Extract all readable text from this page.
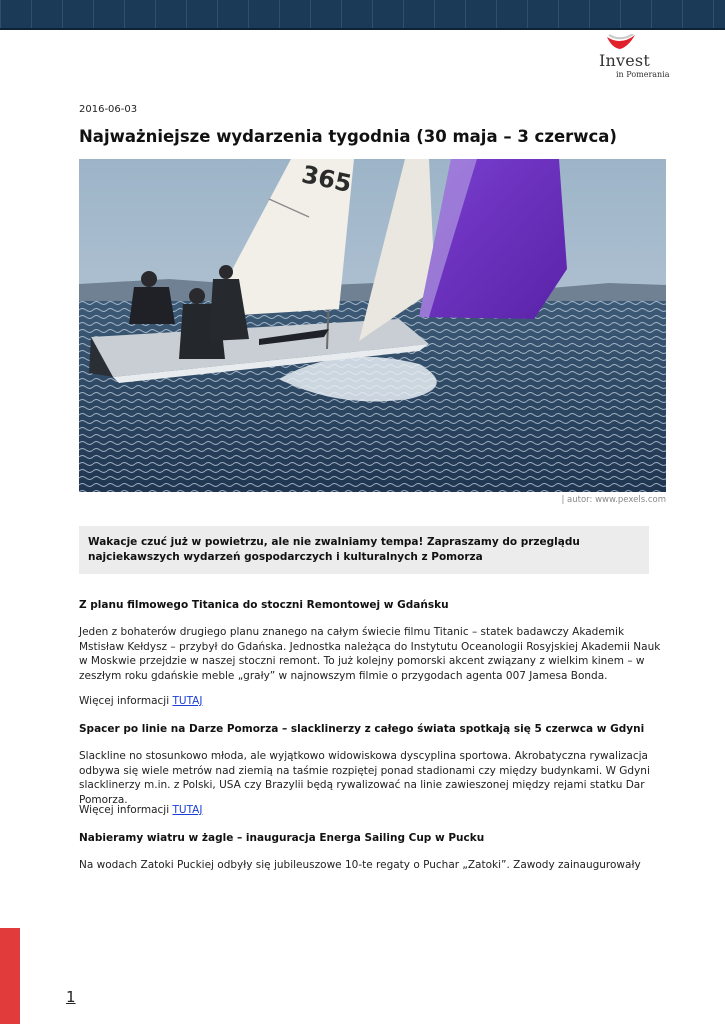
Invest
in Pomerania
2016-06-03
Najważniejsze wydarzenia tygodnia (30 maja – 3 czerwca)
365
| autor: www.pexels.com
Wakacje czuć już w powietrzu, ale nie zwalniamy tempa! Zapraszamy do przeglądu najciekawszych wydarzeń gospodarczych i kulturalnych z Pomorza
Z planu filmowego Titanica do stoczni Remontowej w Gdańsku

Jeden z bohaterów drugiego planu znanego na całym świecie filmu Titanic – statek badawczy Akademik Mstisław Kełdysz – przybył do Gdańska. Jednostka należąca do Instytutu Oceanologii Rosyjskiej Akademii Nauk w Moskwie przejdzie w naszej stoczni remont. To już kolejny pomorski akcent związany z wielkim kinem – w zeszłym roku gdańskie meble „grały” w najnowszym filmie o przygodach agenta 007 Jamesa Bonda.

Więcej informacji TUTAJ
Spacer po linie na Darze Pomorza – slacklinerzy z całego świata spotkają się 5 czerwca w Gdyni

Slackline no stosunkowo młoda, ale wyjątkowo widowiskowa dyscyplina sportowa. Akrobatyczna rywalizacja odbywa się wiele metrów nad ziemią na taśmie rozpiętej ponad stadionami czy między budynkami. W Gdyni slacklinerzy m.in. z Polski, USA czy Brazylii będą rywalizować na linie zawieszonej między rejami statku Dar Pomorza.

Więcej informacji TUTAJ
Nabieramy wiatru w żagle – inauguracja Energa Sailing Cup w Pucku

Na wodach Zatoki Puckiej odbyły się jubileuszowe 10-te regaty o Puchar „Zatoki”. Zawody zainaugurowały

1
